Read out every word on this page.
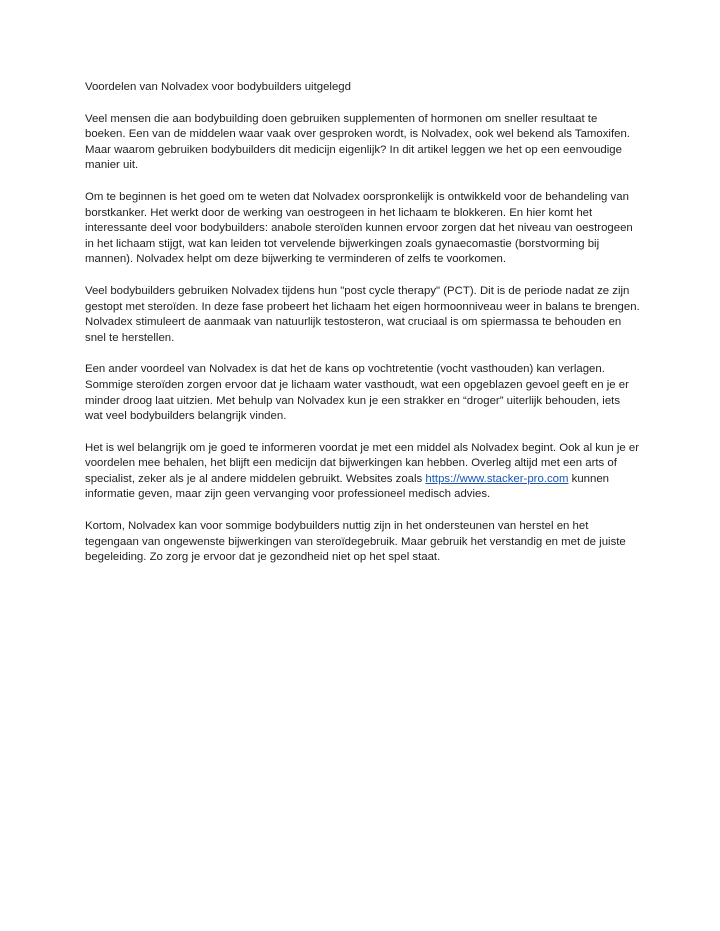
Voordelen van Nolvadex voor bodybuilders uitgelegd

Veel mensen die aan bodybuilding doen gebruiken supplementen of hormonen om sneller resultaat te boeken. Een van de middelen waar vaak over gesproken wordt, is Nolvadex, ook wel bekend als Tamoxifen. Maar waarom gebruiken bodybuilders dit medicijn eigenlijk? In dit artikel leggen we het op een eenvoudige manier uit.

Om te beginnen is het goed om te weten dat Nolvadex oorspronkelijk is ontwikkeld voor de behandeling van borstkanker. Het werkt door de werking van oestrogeen in het lichaam te blokkeren. En hier komt het interessante deel voor bodybuilders: anabole steroïden kunnen ervoor zorgen dat het niveau van oestrogeen in het lichaam stijgt, wat kan leiden tot vervelende bijwerkingen zoals gynaecomastie (borstvorming bij mannen). Nolvadex helpt om deze bijwerking te verminderen of zelfs te voorkomen.

Veel bodybuilders gebruiken Nolvadex tijdens hun "post cycle therapy" (PCT). Dit is de periode nadat ze zijn gestopt met steroïden. In deze fase probeert het lichaam het eigen hormoonniveau weer in balans te brengen. Nolvadex stimuleert de aanmaak van natuurlijk testosteron, wat cruciaal is om spiermassa te behouden en snel te herstellen.

Een ander voordeel van Nolvadex is dat het de kans op vochtretentie (vocht vasthouden) kan verlagen. Sommige steroïden zorgen ervoor dat je lichaam water vasthoudt, wat een opgeblazen gevoel geeft en je er minder droog laat uitzien. Met behulp van Nolvadex kun je een strakker en “droger” uiterlijk behouden, iets wat veel bodybuilders belangrijk vinden.

Het is wel belangrijk om je goed te informeren voordat je met een middel als Nolvadex begint. Ook al kun je er voordelen mee behalen, het blijft een medicijn dat bijwerkingen kan hebben. Overleg altijd met een arts of specialist, zeker als je al andere middelen gebruikt. Websites zoals https://www.stacker-pro.com kunnen informatie geven, maar zijn geen vervanging voor professioneel medisch advies.

Kortom, Nolvadex kan voor sommige bodybuilders nuttig zijn in het ondersteunen van herstel en het tegengaan van ongewenste bijwerkingen van steroïdegebruik. Maar gebruik het verstandig en met de juiste begeleiding. Zo zorg je ervoor dat je gezondheid niet op het spel staat.
